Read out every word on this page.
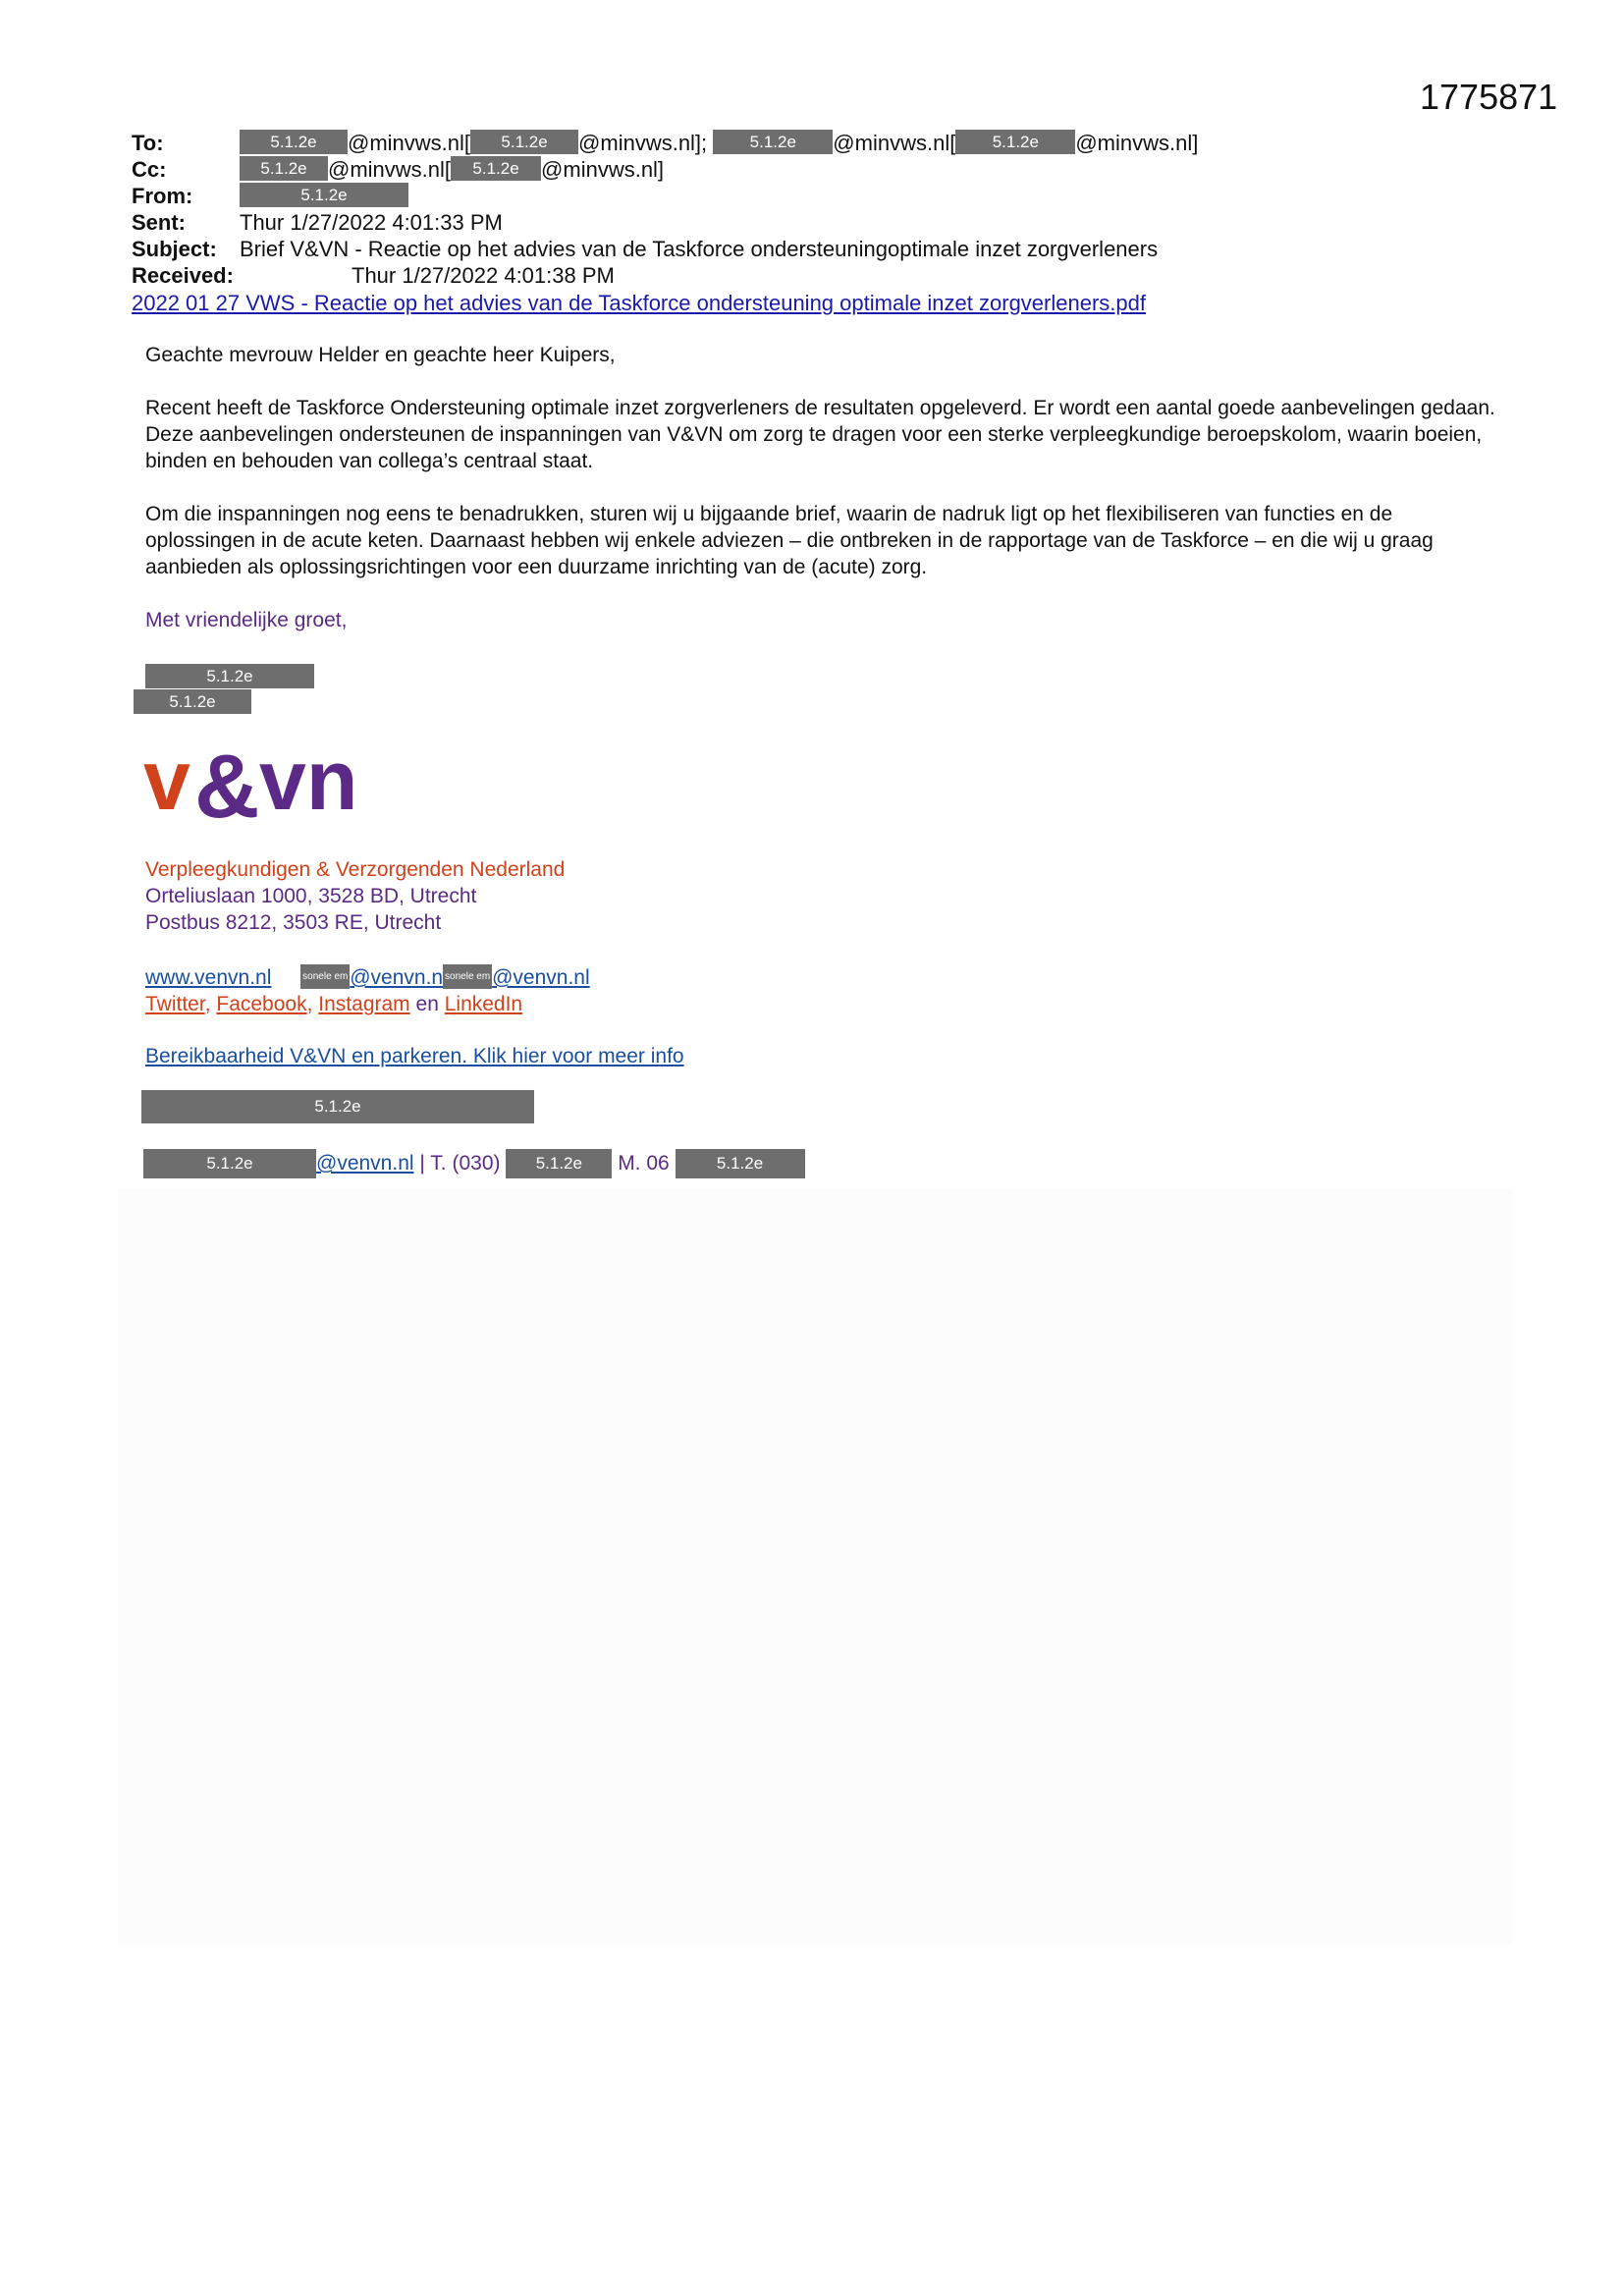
1775871
To:	5.1.2e @minvws.nl[ 5.1.2e @minvws.nl];	5.1.2e @minvws.nl[ 5.1.2e @minvws.nl]
Cc:	5.1.2e @minvws.nl[ 5.1.2e @minvws.nl]
From:	5.1.2e
Sent:	Thur 1/27/2022 4:01:33 PM
Subject: Brief V&VN - Reactie op het advies van de Taskforce ondersteuningoptimale inzet zorgverleners
Received:	Thur 1/27/2022 4:01:38 PM
2022 01 27 VWS - Reactie op het advies van de Taskforce ondersteuning optimale inzet zorgverleners.pdf
Geachte mevrouw Helder en geachte heer Kuipers,
Recent heeft de Taskforce Ondersteuning optimale inzet zorgverleners de resultaten opgeleverd. Er wordt een aantal goede aanbevelingen gedaan. Deze aanbevelingen ondersteunen de inspanningen van V&VN om zorg te dragen voor een sterke verpleegkundige beroepskolom, waarin boeien, binden en behouden van collega’s centraal staat.
Om die inspanningen nog eens te benadrukken, sturen wij u bijgaande brief, waarin de nadruk ligt op het flexibiliseren van functies en de oplossingen in de acute keten. Daarnaast hebben wij enkele adviezen – die ontbreken in de rapportage van de Taskforce – en die wij u graag aanbieden als oplossingsrichtingen voor een duurzame inrichting van de (acute) zorg.
Met vriendelijke groet,
5.1.2e
5.1.2e
v & vn
Verpleegkundigen & Verzorgenden Nederland
Orteliuslaan 1000, 3528 BD, Utrecht
Postbus 8212, 3503 RE, Utrecht
www.venvn.nl	sonele em@venvn.n sonele em@venvn.nl
Twitter, Facebook, Instagram en LinkedIn
Bereikbaarheid V&VN en parkeren. Klik hier voor meer info
5.1.2e
5.1.2e	@venvn.nl | T. (030) 5.1.2e M. 06	5.1.2e
